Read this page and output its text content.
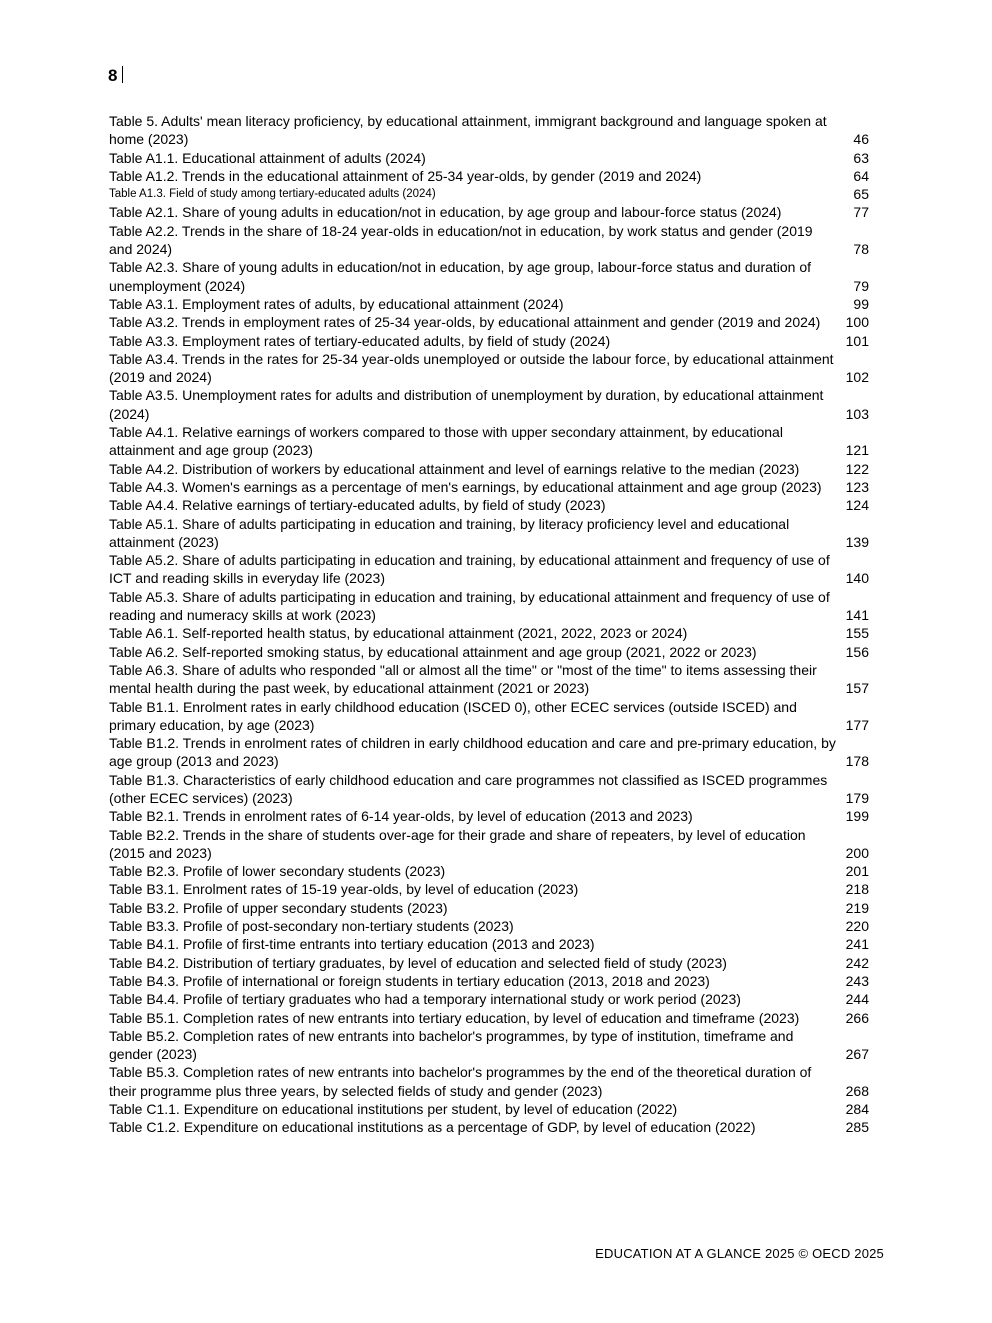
8
Table 5. Adults' mean literacy proficiency, by educational attainment, immigrant background and language spoken at home (2023)	46
Table A1.1. Educational attainment of adults (2024)	63
Table A1.2. Trends in the educational attainment of 25-34 year-olds, by gender (2019 and 2024)	64
Table A1.3. Field of study among tertiary-educated adults (2024)	65
Table A2.1. Share of young adults in education/not in education, by age group and labour-force status (2024)	77
Table A2.2. Trends in the share of 18-24 year-olds in education/not in education, by work status and gender (2019 and 2024)	78
Table A2.3. Share of young adults in education/not in education, by age group, labour-force status and duration of unemployment (2024)	79
Table A3.1. Employment rates of adults, by educational attainment (2024)	99
Table A3.2. Trends in employment rates of 25-34 year-olds, by educational attainment and gender (2019 and 2024)	100
Table A3.3. Employment rates of tertiary-educated adults, by field of study (2024)	101
Table A3.4. Trends in the rates for 25-34 year-olds unemployed or outside the labour force, by educational attainment (2019 and 2024)	102
Table A3.5. Unemployment rates for adults and distribution of unemployment by duration, by educational attainment (2024)	103
Table A4.1. Relative earnings of workers compared to those with upper secondary attainment, by educational attainment and age group (2023)	121
Table A4.2. Distribution of workers by educational attainment and level of earnings relative to the median (2023)	122
Table A4.3. Women's earnings as a percentage of men's earnings, by educational attainment and age group (2023)	123
Table A4.4. Relative earnings of tertiary-educated adults, by field of study (2023)	124
Table A5.1. Share of adults participating in education and training, by literacy proficiency level and educational attainment (2023)	139
Table A5.2. Share of adults participating in education and training, by educational attainment and frequency of use of ICT and reading skills in everyday life (2023)	140
Table A5.3. Share of adults participating in education and training, by educational attainment and frequency of use of reading and numeracy skills at work (2023)	141
Table A6.1. Self-reported health status, by educational attainment (2021, 2022, 2023 or 2024)	155
Table A6.2. Self-reported smoking status, by educational attainment and age group (2021, 2022 or 2023)	156
Table A6.3. Share of adults who responded "all or almost all the time" or "most of the time" to items assessing their mental health during the past week, by educational attainment (2021 or 2023)	157
Table B1.1. Enrolment rates in early childhood education (ISCED 0), other ECEC services (outside ISCED) and primary education, by age (2023)	177
Table B1.2. Trends in enrolment rates of children in early childhood education and care and pre-primary education, by age group (2013 and 2023)	178
Table B1.3. Characteristics of early childhood education and care programmes not classified as ISCED programmes (other ECEC services) (2023)	179
Table B2.1. Trends in enrolment rates of 6-14 year-olds, by level of education (2013 and 2023)	199
Table B2.2. Trends in the share of students over-age for their grade and share of repeaters, by level of education (2015 and 2023)	200
Table B2.3. Profile of lower secondary students (2023)	201
Table B3.1. Enrolment rates of 15-19 year-olds, by level of education (2023)	218
Table B3.2. Profile of upper secondary students (2023)	219
Table B3.3. Profile of post-secondary non-tertiary students (2023)	220
Table B4.1. Profile of first-time entrants into tertiary education (2013 and 2023)	241
Table B4.2. Distribution of tertiary graduates, by level of education and selected field of study (2023)	242
Table B4.3. Profile of international or foreign students in tertiary education (2013, 2018 and 2023)	243
Table B4.4. Profile of tertiary graduates who had a temporary international study or work period (2023)	244
Table B5.1. Completion rates of new entrants into tertiary education, by level of education and timeframe (2023)	266
Table B5.2. Completion rates of new entrants into bachelor's programmes, by type of institution, timeframe and gender (2023)	267
Table B5.3. Completion rates of new entrants into bachelor's programmes by the end of the theoretical duration of their programme plus three years, by selected fields of study and gender (2023)	268
Table C1.1. Expenditure on educational institutions per student, by level of education (2022)	284
Table C1.2. Expenditure on educational institutions as a percentage of GDP, by level of education (2022)	285
EDUCATION AT A GLANCE 2025 © OECD 2025
